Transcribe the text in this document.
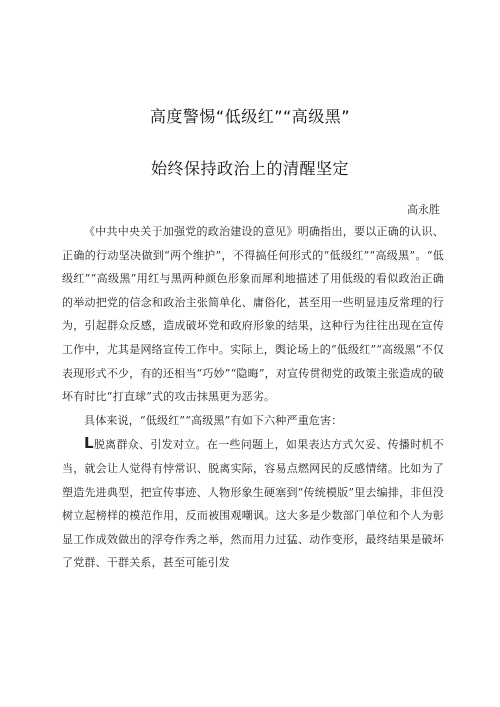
高度警惕“低级红”“高级黑”
始终保持政治上的清醒坚定
高永胜

《中共中央关于加强党的政治建设的意见》明确指出，要以正确的认识、正确的行动坚决做到“两个维护”，不得搞任何形式的“低级红”“高级黑”。“低级红”“高级黑”用红与黑两种颜色形象而犀利地描述了用低级的看似政治正确的举动把党的信念和政治主张简单化、庸俗化，甚至用一些明显违反常理的行为，引起群众反感，造成破坏党和政府形象的结果，这种行为往往出现在宣传工作中，尤其是网络宣传工作中。实际上，舆论场上的“低级红”“高级黑”不仅表现形式不少，有的还相当“巧妙”“隐晦”，对宣传贯彻党的政策主张造成的破坏有时比“打直球”式的攻击抹黑更为恶劣。

具体来说，“低级红”“高级黑”有如下六种严重危害：

L脱离群众、引发对立。在一些问题上，如果表达方式欠妥、传播时机不当，就会让人觉得有悖常识、脱离实际，容易点燃网民的反感情绪。比如为了塑造先进典型，把宣传事迹、人物形象生硬塞到“传统模版”里去编排，非但没树立起榜样的模范作用，反而被围观嘲讽。这大多是少数部门单位和个人为彰显工作成效做出的浮夸作秀之举，然而用力过猛、动作变形，最终结果是破坏了党群、干群关系，甚至可能引发
